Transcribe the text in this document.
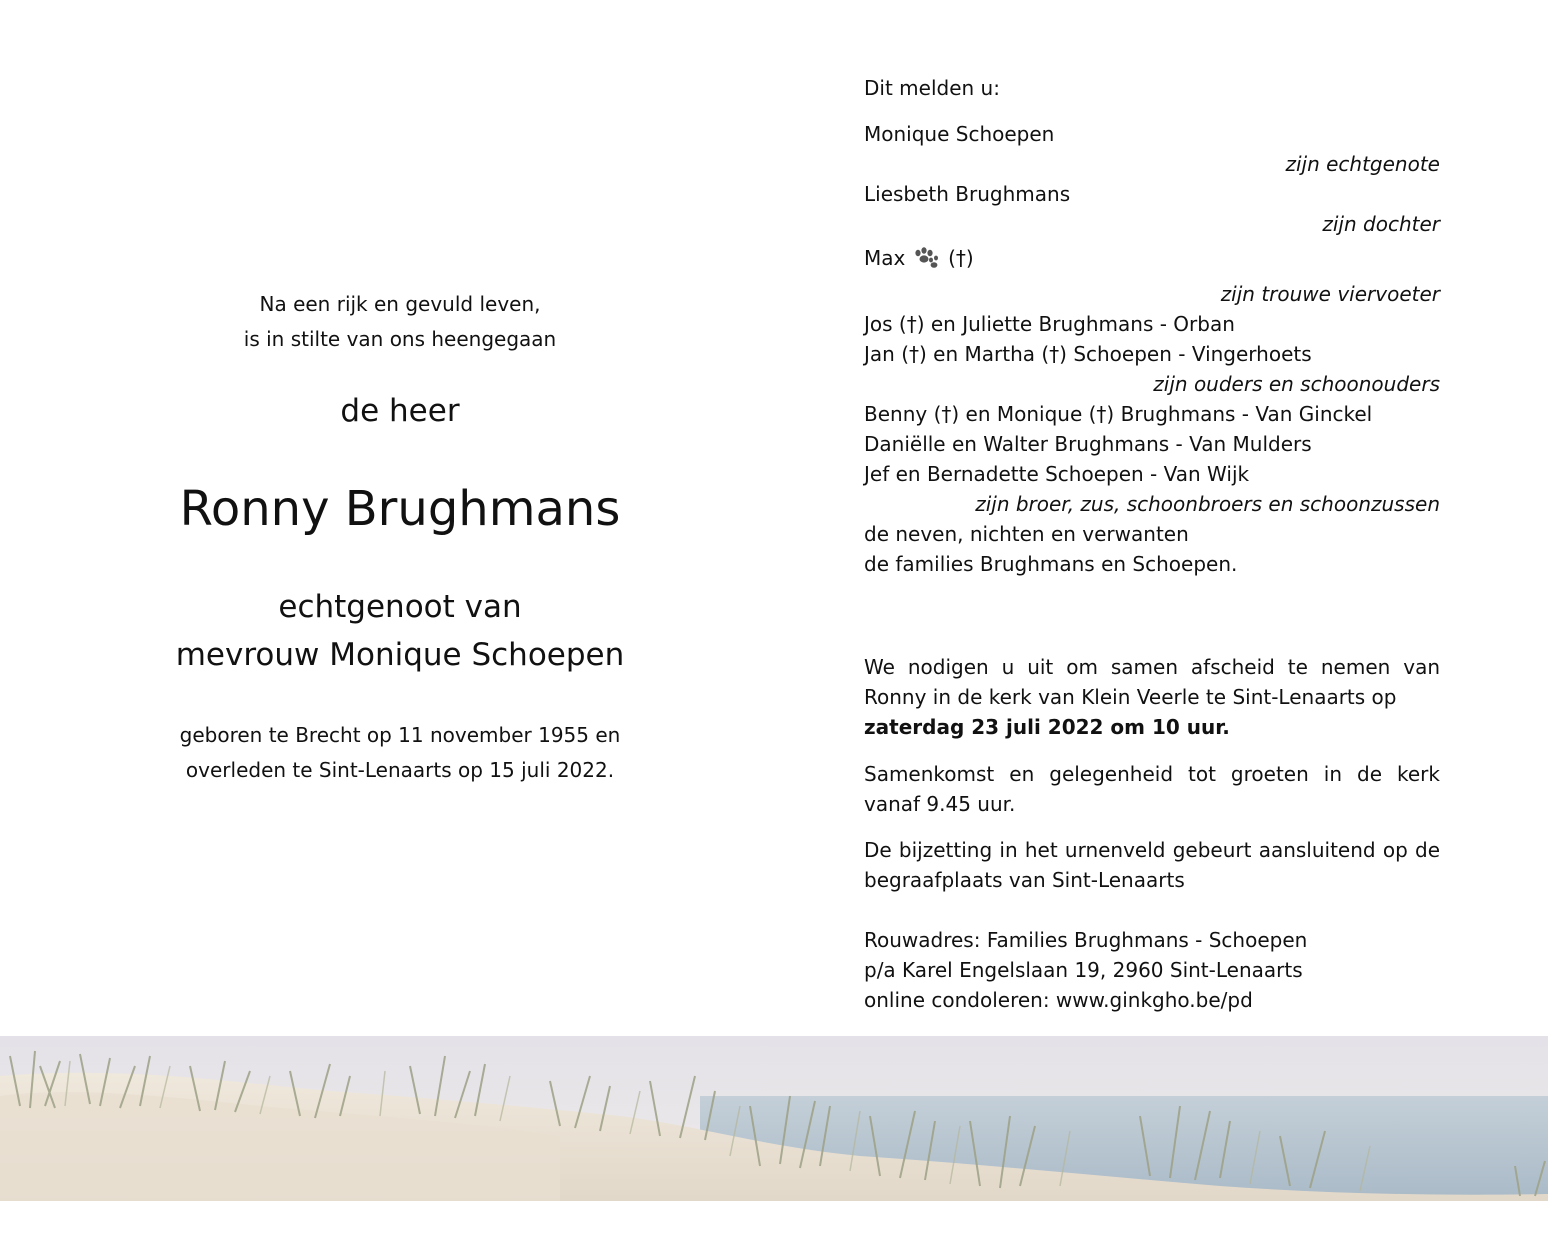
Na een rijk en gevuld leven,
is in stilte van ons heengegaan
de heer
Ronny Brughmans
echtgenoot van
mevrouw Monique Schoepen
geboren te Brecht op 11 november 1955 en
overleden te Sint-Lenaarts op 15 juli 2022.
Dit melden u:
Monique Schoepen
zijn echtgenote
Liesbeth Brughmans
zijn dochter
Max (†)
zijn trouwe viervoeter
Jos (†) en Juliette Brughmans - Orban
Jan (†) en Martha (†) Schoepen - Vingerhoets
zijn ouders en schoonouders
Benny (†) en Monique (†) Brughmans - Van Ginckel
Daniëlle en Walter Brughmans - Van Mulders
Jef en Bernadette Schoepen - Van Wijk
zijn broer, zus, schoonbroers en schoonzussen
de neven, nichten en verwanten
de families Brughmans en Schoepen.
We nodigen u uit om samen afscheid te nemen van Ronny in de kerk van Klein Veerle te Sint-Lenaarts op
zaterdag 23 juli 2022 om 10 uur.
Samenkomst en gelegenheid tot groeten in de kerk vanaf 9.45 uur.
De bijzetting in het urnenveld gebeurt aansluitend op de begraafplaats van Sint-Lenaarts
Rouwadres: Families Brughmans - Schoepen
p/a Karel Engelslaan 19, 2960 Sint-Lenaarts
online condoleren: www.ginkgho.be/pd
